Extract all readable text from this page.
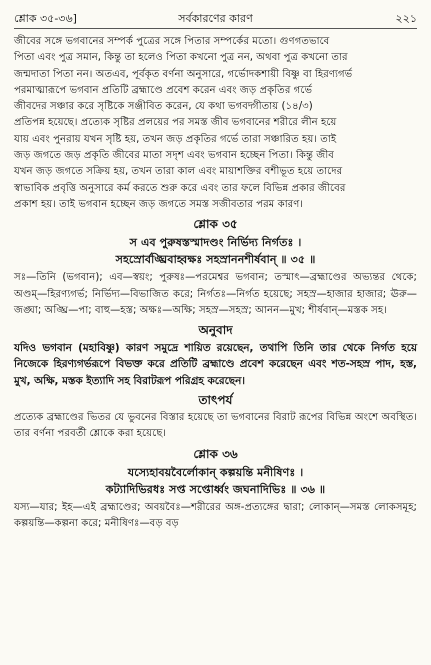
শ্লোক ৩৫-৩৬]	সর্বকারণের কারণ	২২১

জীবের সঙ্গে ভগবানের সম্পর্ক পুত্রের সঙ্গে পিতার সম্পর্কের মতো। গুণগতভাবে
পিতা এবং পুত্র সমান, কিন্তু তা হলেও পিতা কখনো পুত্র নন, অথবা পুত্র কখনো তার
জন্মদাতা পিতা নন। অতএব, পূর্বকৃত বর্ণনা অনুসারে, গর্ভোদকশায়ী বিষ্ণু বা হিরণ্যগর্ভ
পরমাত্মারূপে ভগবান প্রতিটি ব্রহ্মাণ্ডে প্রবেশ করেন এবং জড় প্রকৃতির গর্ভে
জীবদের সঞ্চার করে সৃষ্টিকে সঞ্জীবিত করেন, যে কথা ভগবদ্গীতায় (১৪/৩)
প্রতিপন্ন হয়েছে। প্রত্যেক সৃষ্টির প্রলয়ের পর সমস্ত জীব ভগবানের শরীরে লীন হয়ে
যায় এবং পুনরায় যখন সৃষ্টি হয়, তখন জড় প্রকৃতির গর্ভে তারা সঞ্চারিত হয়। তাই
জড় জগতে জড় প্রকৃতি জীবের মাতা সদৃশ এবং ভগবান হচ্ছেন পিতা। কিন্তু জীব
যখন জড় জগতে সক্রিয় হয়, তখন তারা কাল এবং মায়াশক্তির বশীভূত হয়ে তাদের
স্বাভাবিক প্রবৃত্তি অনুসারে কর্ম করতে শুরু করে এবং তার ফলে বিভিন্ন প্রকার জীবের
প্রকাশ হয়। তাই ভগবান হচ্ছেন জড় জগতে সমস্ত সজীবতার পরম কারণ।

শ্লোক ৩৫
স এব পুরুষস্তস্মাদণ্ডং নির্ভিদ্য নির্গতঃ ।
সহস্রোর্বঙ্ঘ্রিবাহ্বক্ষঃ সহস্রাননশীর্ষবান্ ॥ ৩৫ ॥
সঃ—তিনি (ভগবান); এব—স্বয়ং; পুরুষঃ—পরমেশ্বর ভগবান; তস্মাৎ—ব্রহ্মাণ্ডের অভ্যন্তর থেকে; অণ্ডম্—হিরণ্যগর্ভ; নির্ভিদ্য—বিভাজিত করে; নির্গতঃ—নির্গত হয়েছে; সহস্র—হাজার হাজার; ঊরু—জঙ্ঘা; অঙ্ঘ্রি—পা; বাহু—হস্ত; অক্ষঃ—অক্ষি; সহস্র—সহস্র; আনন—মুখ; শীর্ষবান্—মস্তক সহ।
অনুবাদ
যদিও ভগবান (মহাবিষ্ণু) কারণ সমুদ্রে শায়িত রয়েছেন, তথাপি তিনি তার থেকে নির্গত হয়ে নিজেকে হিরণ্যগর্ভরূপে বিভক্ত করে প্রতিটি ব্রহ্মাণ্ডে প্রবেশ করেছেন এবং শত-সহস্র পাদ, হস্ত, মুখ, অক্ষি, মস্তক ইত্যাদি সহ বিরাটরূপ পরিগ্রহ করেছেন।
তাৎপর্য

প্রত্যেক ব্রহ্মাণ্ডের ভিতর যে ভুবনের বিস্তার হয়েছে তা ভগবানের বিরাট রূপের বিভিন্ন অংশে অবস্থিত। তার বর্ণনা পরবর্তী শ্লোকে করা হয়েছে।

শ্লোক ৩৬
যস্যেহাবয়বৈর্লোকান্ কল্পয়ন্তি মনীষিণঃ ।
কট্যাদিভিরধঃ সপ্ত সপ্তোর্ধ্বং জঘনাদিভিঃ ॥ ৩৬ ॥
যস্য—যার; ইহ—এই ব্রহ্মাণ্ডের; অবয়বৈঃ—শরীরের অঙ্গ-প্রত্যঙ্গের দ্বারা; লোকান্—সমস্ত লোকসমূহ; কল্পয়ন্তি—কল্পনা করে; মনীষিণঃ—বড় বড়
